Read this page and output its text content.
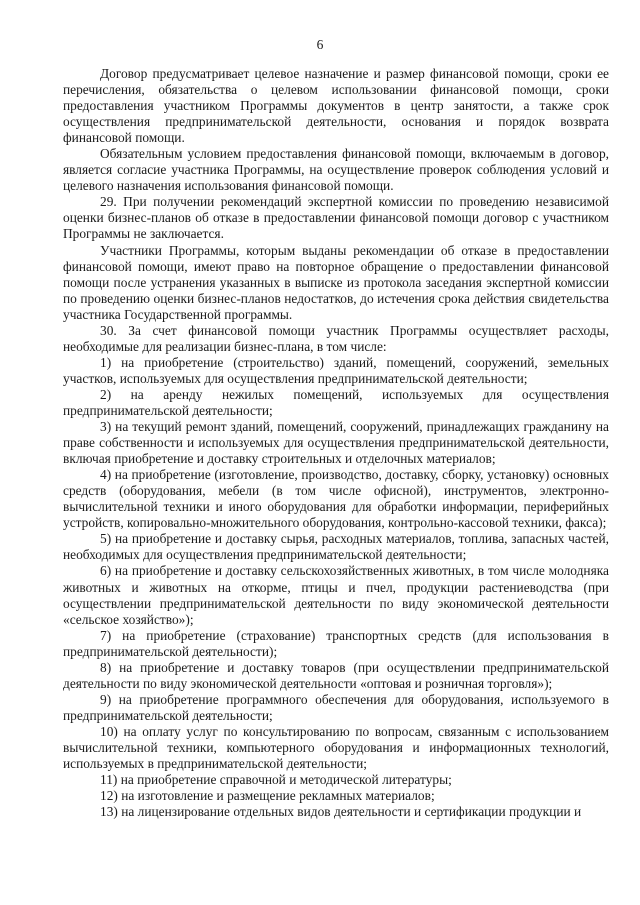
6

Договор предусматривает целевое назначение и размер финансовой помощи, сроки ее перечисления, обязательства о целевом использовании финансовой помощи, сроки предоставления участником Программы документов в центр занятости, а также срок осуществления предпринимательской деятельности, основания и порядок возврата финансовой помощи.

Обязательным условием предоставления финансовой помощи, включаемым в договор, является согласие участника Программы, на осуществление проверок соблюдения условий и целевого назначения использования финансовой помощи.

29. При получении рекомендаций экспертной комиссии по проведению независимой оценки бизнес-планов об отказе в предоставлении финансовой помощи договор с участником Программы не заключается.

Участники Программы, которым выданы рекомендации об отказе в предоставлении финансовой помощи, имеют право на повторное обращение о предоставлении финансовой помощи после устранения указанных в выписке из протокола заседания экспертной комиссии по проведению оценки бизнес-планов недостатков, до истечения срока действия свидетельства участника Государственной программы.

30. За счет финансовой помощи участник Программы осуществляет расходы, необходимые для реализации бизнес-плана, в том числе:

1) на приобретение (строительство) зданий, помещений, сооружений, земельных участков, используемых для осуществления предпринимательской деятельности;

2) на аренду нежилых помещений, используемых для осуществления предпринимательской деятельности;

3) на текущий ремонт зданий, помещений, сооружений, принадлежащих гражданину на праве собственности и используемых для осуществления предпринимательской деятельности, включая приобретение и доставку строительных и отделочных материалов;

4) на приобретение (изготовление, производство, доставку, сборку, установку) основных средств (оборудования, мебели (в том числе офисной), инструментов, электронно-вычислительной техники и иного оборудования для обработки информации, периферийных устройств, копировально-множительного оборудования, контрольно-кассовой техники, факса);

5) на приобретение и доставку сырья, расходных материалов, топлива, запасных частей, необходимых для осуществления предпринимательской деятельности;

6) на приобретение и доставку сельскохозяйственных животных, в том числе молодняка животных и животных на откорме, птицы и пчел, продукции растениеводства (при осуществлении предпринимательской деятельности по виду экономической деятельности «сельское хозяйство»);

7) на приобретение (страхование) транспортных средств (для использования в предпринимательской деятельности);

8) на приобретение и доставку товаров (при осуществлении предпринимательской деятельности по виду экономической деятельности «оптовая и розничная торговля»);

9) на приобретение программного обеспечения для оборудования, используемого в предпринимательской деятельности;

10) на оплату услуг по консультированию по вопросам, связанным с использованием вычислительной техники, компьютерного оборудования и информационных технологий, используемых в предпринимательской деятельности;

11) на приобретение справочной и методической литературы;

12) на изготовление и размещение рекламных материалов;

13) на лицензирование отдельных видов деятельности и сертификации продукции и
